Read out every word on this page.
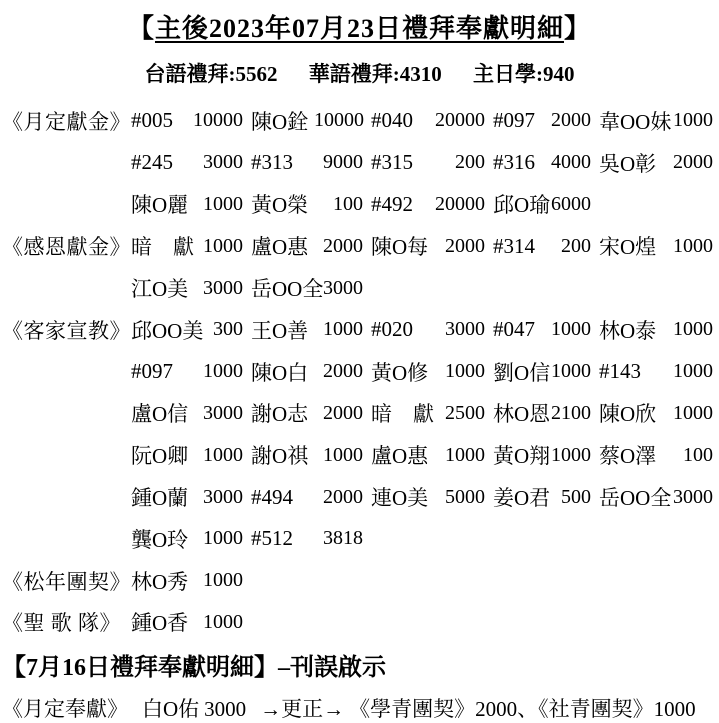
【主後2023年07月23日禮拜奉獻明細】
台語禮拜:5562 華語禮拜:4310 主日學:940
《月定獻金》 #005	10000 陳O銓 10000 #040	20000 #097 2000 韋OO妹 1000
#245	3000 #313	9000 #315	200 #316 4000 吳O彰 2000
陳O麗 1000 黃O榮	100 #492	20000 邱O瑜 6000
《感恩獻金》 暗　獻 1000 盧O惠 2000 陳O每 2000 #314	200 宋O煌 1000
江O美 3000 岳OO全 3000
《客家宣教》 邱OO美 300 王O善 1000 #020	3000 #047 1000 林O泰 1000
#097	1000 陳O白 2000 黃O修 1000 劉O信 1000 #143	1000
盧O信 3000 謝O志 2000 暗　獻 2500 林O恩 2100 陳O欣 1000
阮O卿 1000 謝O祺 1000 盧O惠 1000 黃O翔 1000 蔡O澤	100
鍾O蘭 3000 #494	2000 連O美 5000 姜O君 500 岳OO全 3000
龔O玲 1000 #512	3818
《松年團契》 林O秀 1000
《聖 歌 隊》 鍾O香 1000
【7月16日禮拜奉獻明細】–刊誤啟示
《月定奉獻》 白O佑 3000 →更正→ 《學青團契》2000、《社青團契》1000
